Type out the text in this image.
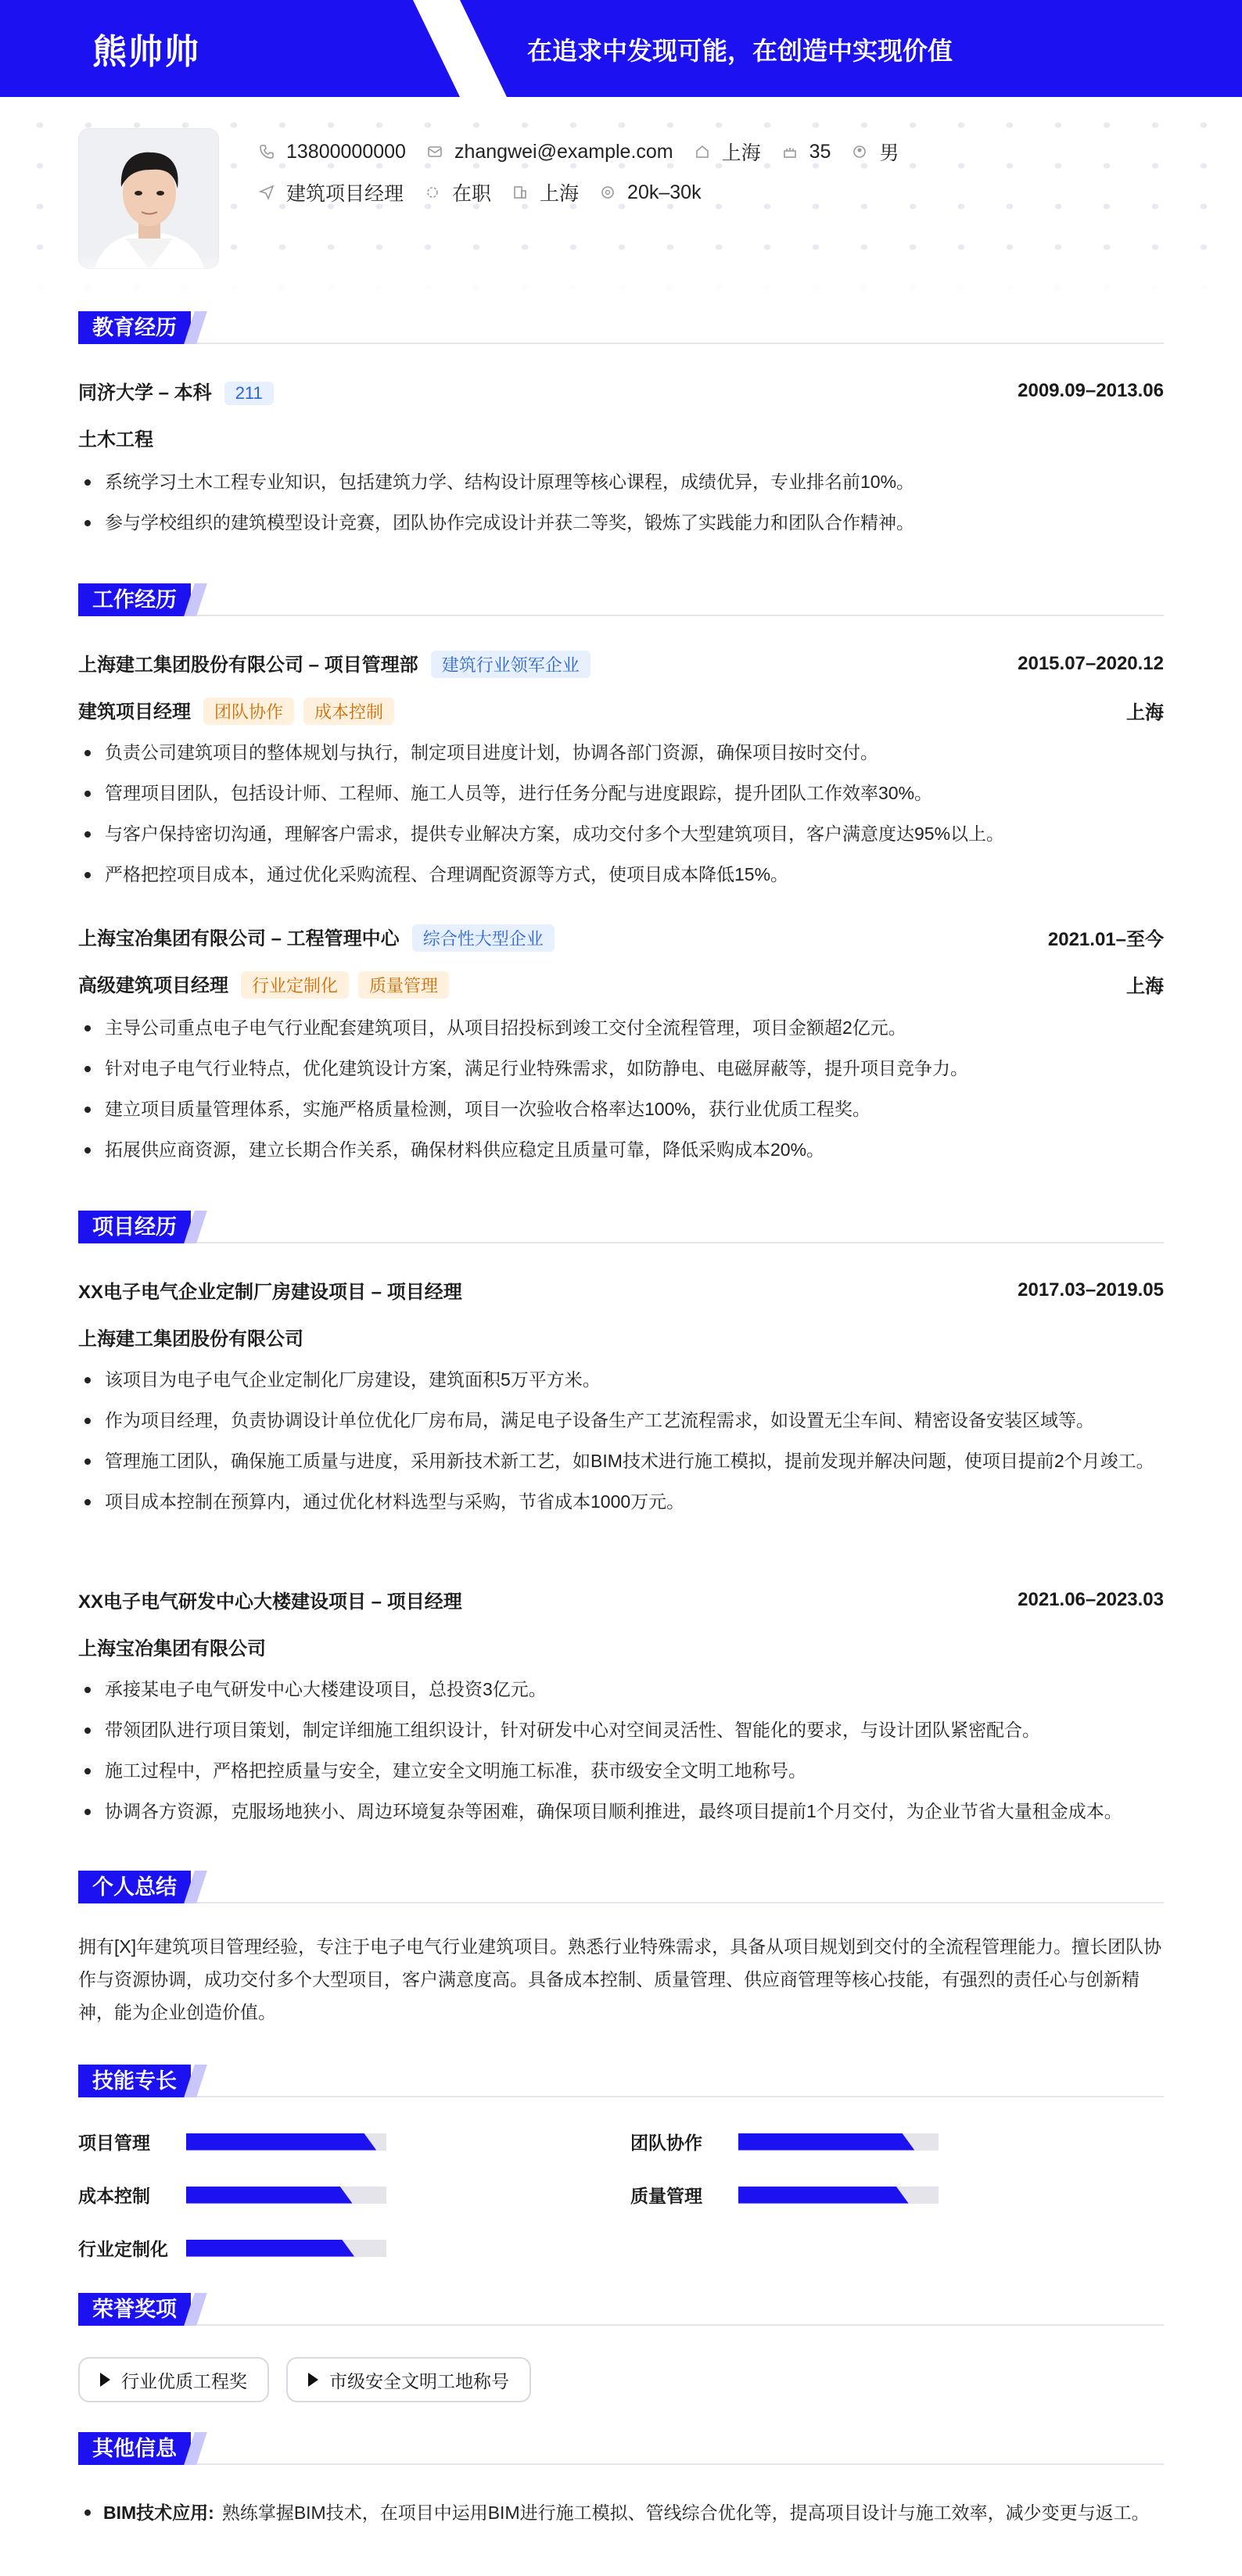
熊帅帅	在追求中发现可能，在创造中实现价值
13800000000 zhangwei@example.com 上海 35 男
建筑项目经理 在职 上海 20k–30k
教育经历
同济大学 – 本科 211	2009.09–2013.06
土木工程
系统学习土木工程专业知识，包括建筑力学、结构设计原理等核心课程，成绩优异，专业排名前10%。
参与学校组织的建筑模型设计竞赛，团队协作完成设计并获二等奖，锻炼了实践能力和团队合作精神。
工作经历
上海建工集团股份有限公司 – 项目管理部 建筑行业领军企业	2015.07–2020.12
建筑项目经理 团队协作 成本控制	上海
负责公司建筑项目的整体规划与执行，制定项目进度计划，协调各部门资源，确保项目按时交付。
管理项目团队，包括设计师、工程师、施工人员等，进行任务分配与进度跟踪，提升团队工作效率30%。
与客户保持密切沟通，理解客户需求，提供专业解决方案，成功交付多个大型建筑项目，客户满意度达95%以上。
严格把控项目成本，通过优化采购流程、合理调配资源等方式，使项目成本降低15%。
上海宝冶集团有限公司 – 工程管理中心 综合性大型企业	2021.01–至今
高级建筑项目经理 行业定制化 质量管理	上海
主导公司重点电子电气行业配套建筑项目，从项目招投标到竣工交付全流程管理，项目金额超2亿元。
针对电子电气行业特点，优化建筑设计方案，满足行业特殊需求，如防静电、电磁屏蔽等，提升项目竞争力。
建立项目质量管理体系，实施严格质量检测，项目一次验收合格率达100%，获行业优质工程奖。
拓展供应商资源，建立长期合作关系，确保材料供应稳定且质量可靠，降低采购成本20%。
项目经历
XX电子电气企业定制厂房建设项目 – 项目经理	2017.03–2019.05
上海建工集团股份有限公司
该项目为电子电气企业定制化厂房建设，建筑面积5万平方米。
作为项目经理，负责协调设计单位优化厂房布局，满足电子设备生产工艺流程需求，如设置无尘车间、精密设备安装区域等。
管理施工团队，确保施工质量与进度，采用新技术新工艺，如BIM技术进行施工模拟，提前发现并解决问题，使项目提前2个月竣工。
项目成本控制在预算内，通过优化材料选型与采购，节省成本1000万元。
XX电子电气研发中心大楼建设项目 – 项目经理	2021.06–2023.03
上海宝冶集团有限公司
承接某电子电气研发中心大楼建设项目，总投资3亿元。
带领团队进行项目策划，制定详细施工组织设计，针对研发中心对空间灵活性、智能化的要求，与设计团队紧密配合。
施工过程中，严格把控质量与安全，建立安全文明施工标准，获市级安全文明工地称号。
协调各方资源，克服场地狭小、周边环境复杂等困难，确保项目顺利推进，最终项目提前1个月交付，为企业节省大量租金成本。
个人总结
拥有[X]年建筑项目管理经验，专注于电子电气行业建筑项目。熟悉行业特殊需求，具备从项目规划到交付的全流程管理能力。擅长团队协作与资源协调，成功交付多个大型项目，客户满意度高。具备成本控制、质量管理、供应商管理等核心技能，有强烈的责任心与创新精神，能为企业创造价值。
技能专长
项目管理	团队协作
成本控制	质量管理
行业定制化
荣誉奖项
行业优质工程奖	市级安全文明工地称号
其他信息
BIM技术应用: 熟练掌握BIM技术，在项目中运用BIM进行施工模拟、管线综合优化等，提高项目设计与施工效率，减少变更与返工。
